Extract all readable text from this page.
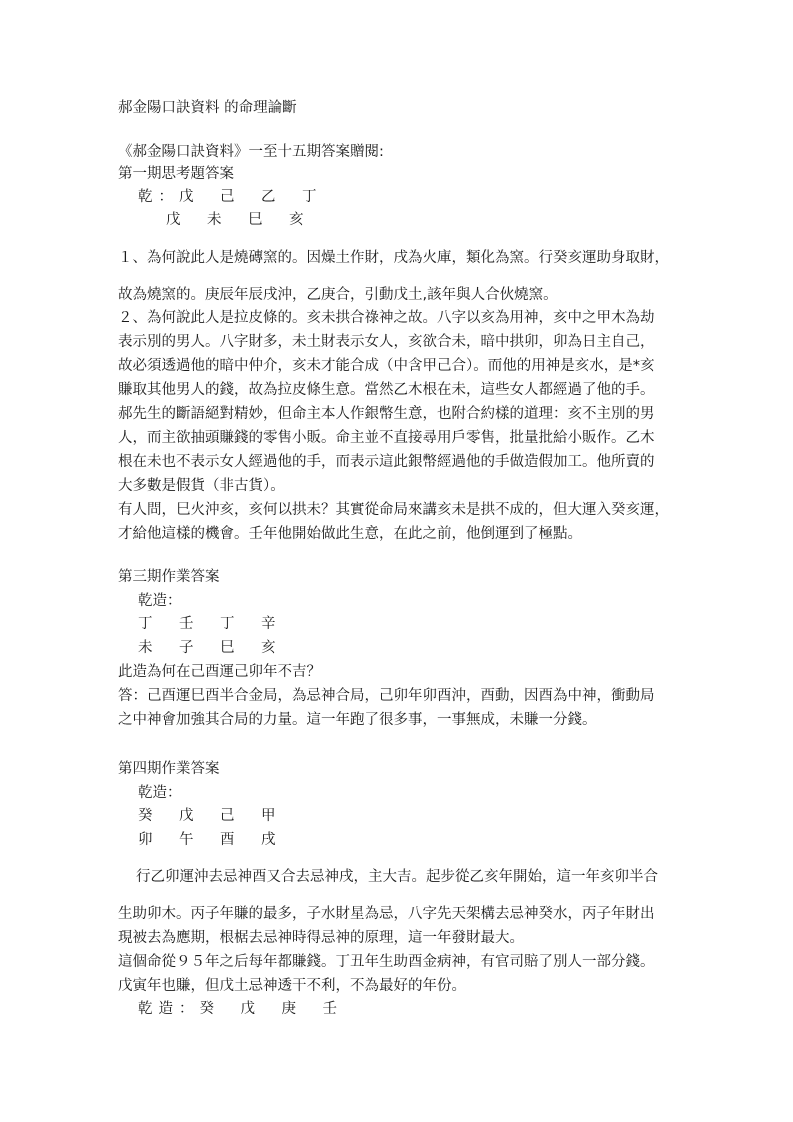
郝金陽口訣資料 的命理論斷
《郝金陽口訣資料》一至十五期答案贈閱:
第一期思考題答案
乾：戊　己　乙　丁
戊　未　巳　亥
１、為何說此人是燒磚窯的。因燥土作財，戌為火庫，類化為窯。行癸亥運助身取財，
故為燒窯的。庚辰年辰戌沖，乙庚合，引動戊土,該年與人合伙燒窯。
２、為何說此人是拉皮條的。亥未拱合祿神之故。八字以亥為用神，亥中之甲木為劫
表示別的男人。八字財多，未土財表示女人，亥欲合未，暗中拱卯，卯為日主自己，
故必須透過他的暗中仲介，亥未才能合成（中含甲己合）。而他的用神是亥水，是*亥
賺取其他男人的錢，故為拉皮條生意。當然乙木根在未，這些女人都經過了他的手。
郝先生的斷語絕對精妙，但命主本人作銀幣生意，也附合約樣的道理：亥不主別的男
人，而主欲抽頭賺錢的零售小販。命主並不直接尋用戶零售，批量批給小販作。乙木
根在未也不表示女人經過他的手，而表示這此銀幣經過他的手做造假加工。他所賣的
大多數是假貨（非古貨）。
有人問，巳火沖亥，亥何以拱未？其實從命局來講亥未是拱不成的，但大運入癸亥運，
才給他這樣的機會。壬年他開始做此生意，在此之前，他倒運到了極點。
第三期作業答案
乾造：
丁　壬　丁　辛
未　子　巳　亥
此造為何在己酉運己卯年不吉？
答：己酉運巳酉半合金局，為忌神合局，己卯年卯酉沖，酉動，因酉為中神，衝動局
之中神會加強其合局的力量。這一年跑了很多事，一事無成，未賺一分錢。
第四期作業答案
乾造：
癸　戊　己　甲
卯　午　酉　戌
行乙卯運沖去忌神酉又合去忌神戌，主大吉。起步從乙亥年開始，這一年亥卯半合
生助卯木。丙子年賺的最多，子水財星為忌，八字先天架構去忌神癸水，丙子年財出
現被去為應期，根椐去忌神時得忌神的原理，這一年發財最大。
這個命從９５年之后每年都賺錢。丁丑年生助酉金病神，有官司賠了別人一部分錢。
戊寅年也賺，但戊土忌神透干不利，不為最好的年份。
乾造：癸　戊　庚　壬
